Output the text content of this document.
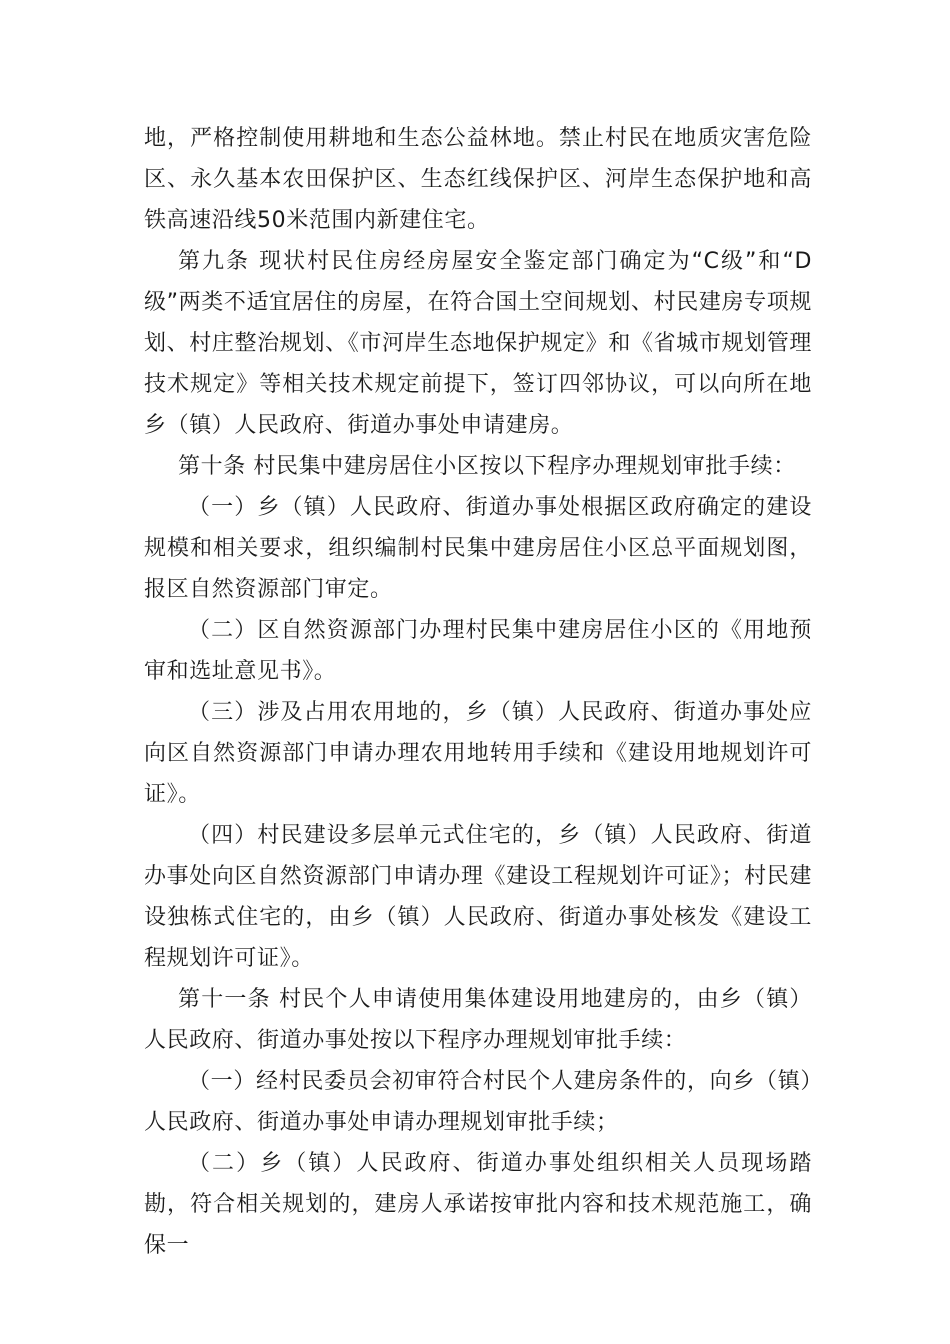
地，严格控制使用耕地和生态公益林地。禁止村民在地质灾害危险区、永久基本农田保护区、生态红线保护区、河岸生态保护地和高铁高速沿线50米范围内新建住宅。

第九条 现状村民住房经房屋安全鉴定部门确定为“C级”和“D级”两类不适宜居住的房屋，在符合国土空间规划、村民建房专项规划、村庄整治规划、《市河岸生态地保护规定》和《省城市规划管理技术规定》等相关技术规定前提下，签订四邻协议，可以向所在地乡（镇）人民政府、街道办事处申请建房。

第十条 村民集中建房居住小区按以下程序办理规划审批手续：

（一）乡（镇）人民政府、街道办事处根据区政府确定的建设规模和相关要求，组织编制村民集中建房居住小区总平面规划图，报区自然资源部门审定。

（二）区自然资源部门办理村民集中建房居住小区的《用地预审和选址意见书》。

（三）涉及占用农用地的，乡（镇）人民政府、街道办事处应向区自然资源部门申请办理农用地转用手续和《建设用地规划许可证》。

（四）村民建设多层单元式住宅的，乡（镇）人民政府、街道办事处向区自然资源部门申请办理《建设工程规划许可证》；村民建设独栋式住宅的，由乡（镇）人民政府、街道办事处核发《建设工程规划许可证》。

第十一条 村民个人申请使用集体建设用地建房的，由乡（镇）人民政府、街道办事处按以下程序办理规划审批手续：

（一）经村民委员会初审符合村民个人建房条件的，向乡（镇）人民政府、街道办事处申请办理规划审批手续；

（二）乡（镇）人民政府、街道办事处组织相关人员现场踏勘，符合相关规划的，建房人承诺按审批内容和技术规范施工，确保一
